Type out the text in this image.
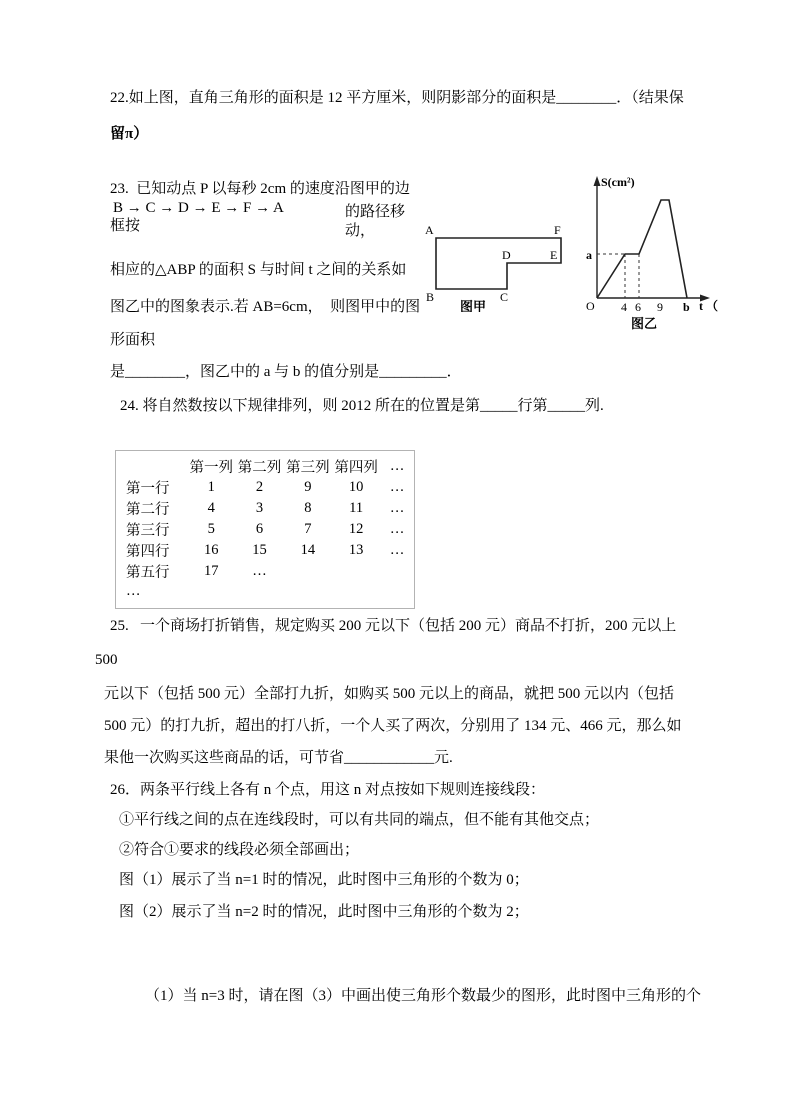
22.如上图，直角三角形的面积是 12 平方厘米，则阴影部分的面积是________．（结果保
留π）
23.  已知动点 P 以每秒 2cm 的速度沿图甲的边
B → C → D → E → F → A	的路径移
框按	动，
相应的△ABP 的面积 S 与时间 t 之间的关系如
图乙中的图象表示.若 AB=6cm，  则图甲中的图
形面积
是________，图乙中的 a 与 b 的值分别是_________．
A	F
D	E
B	C
图甲
S(cm²)
a
O 4 6 9 b t （
图乙
24. 将自然数按以下规律排列，则 2012 所在的位置是第_____行第_____列.
	第一列	第二列	第三列	第四列	…
第一行	1	2	9	10	…
第二行	4	3	8	11	…
第三行	5	6	7	12	…
第四行	16	15	14	13	…
第五行	17	…			
…					
25.   一个商场打折销售，规定购买 200 元以下（包括 200 元）商品不打折，200 元以上
500
元以下（包括 500 元）全部打九折，如购买 500 元以上的商品，就把 500 元以内（包括
500 元）的打九折，超出的打八折，一个人买了两次，分别用了 134 元、466 元，那么如
果他一次购买这些商品的话，可节省____________元.
26．两条平行线上各有 n 个点，用这 n 对点按如下规则连接线段：
①平行线之间的点在连线段时，可以有共同的端点，但不能有其他交点；
②符合①要求的线段必须全部画出；
图（1）展示了当 n=1 时的情况，此时图中三角形的个数为 0；
图（2）展示了当 n=2 时的情况，此时图中三角形的个数为 2；
（1）当 n=3 时，请在图（3）中画出使三角形个数最少的图形，此时图中三角形的个
